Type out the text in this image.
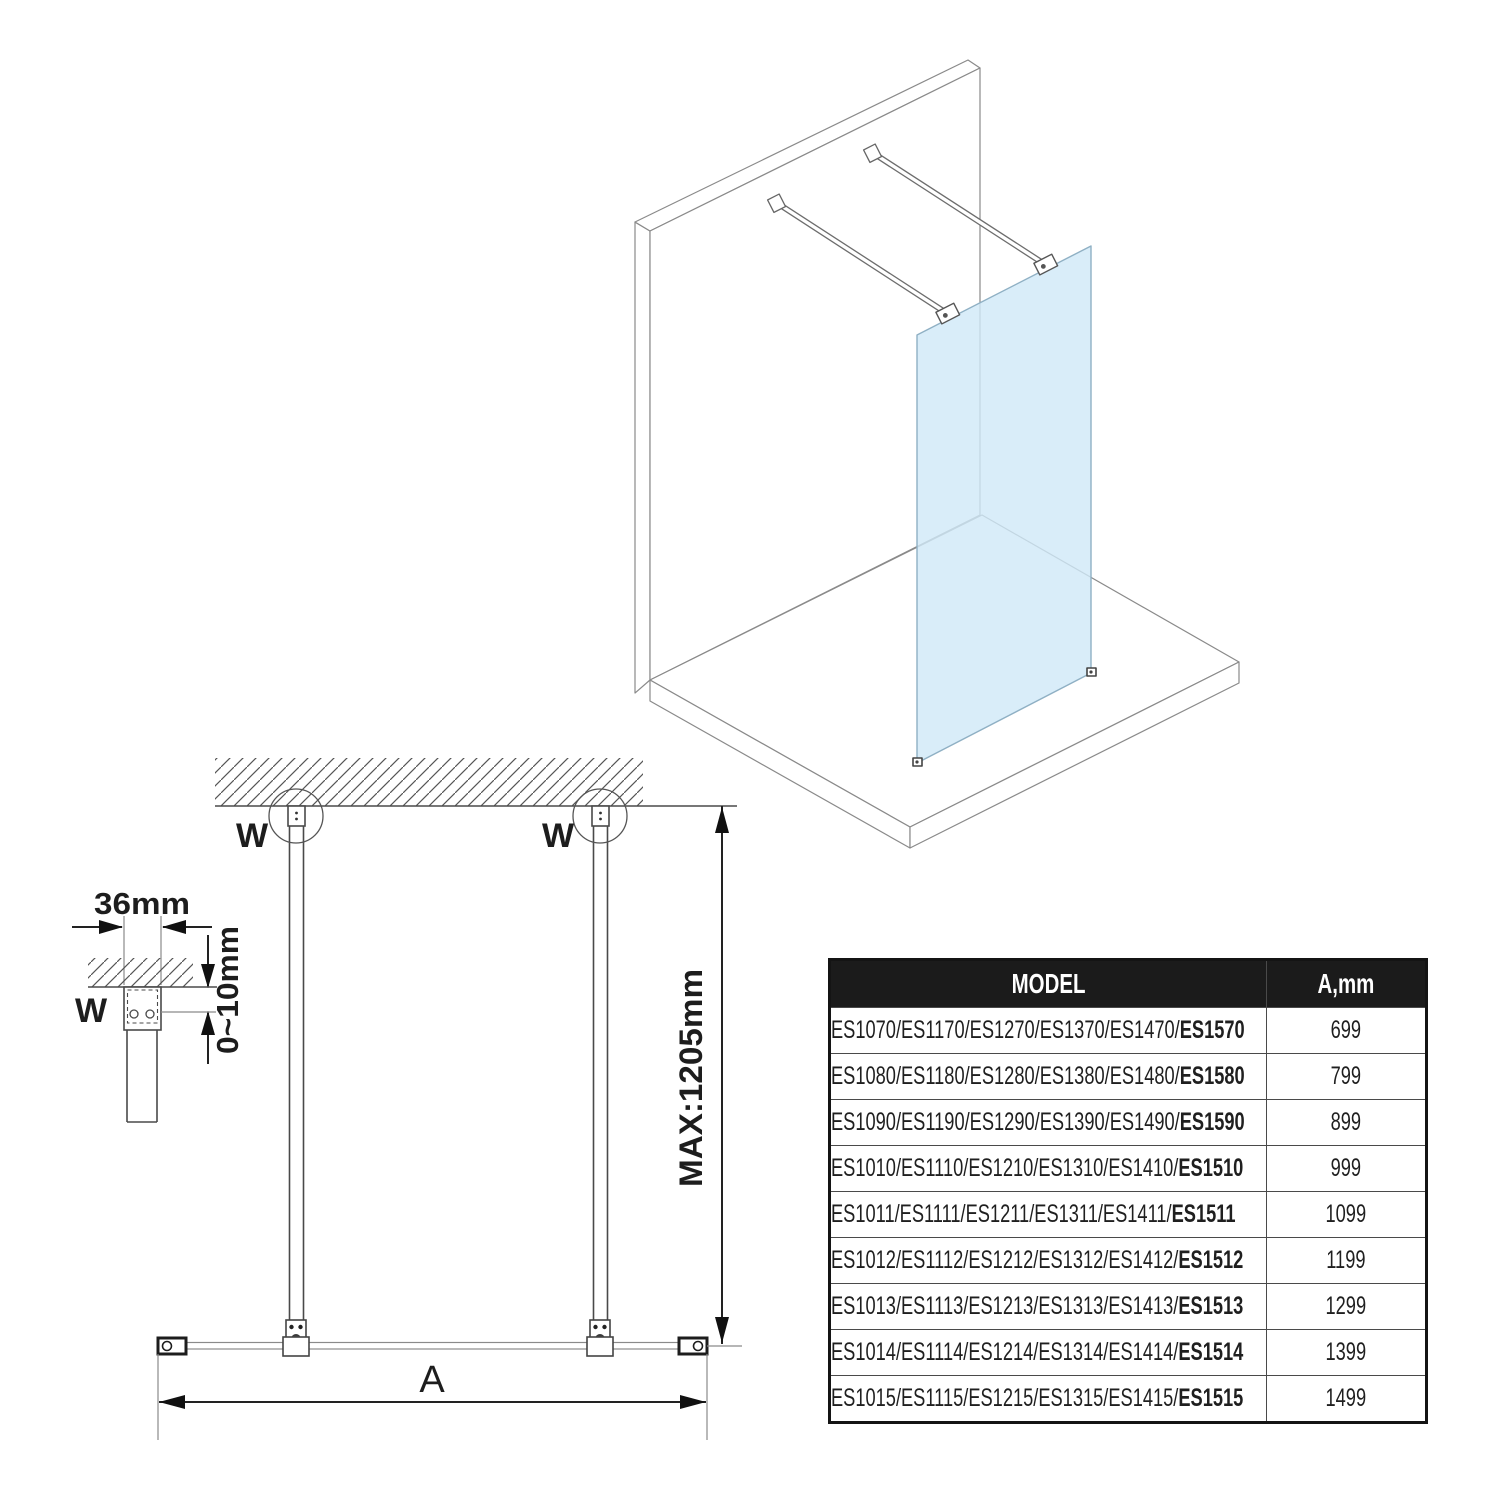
W	W
MAX:1205mm
A
36mm
W	0~10mm	MODEL	A,mm
ES1070/ES1170/ES1270/ES1370/ES1470/ES1570	699
ES1080/ES1180/ES1280/ES1380/ES1480/ES1580	799
ES1090/ES1190/ES1290/ES1390/ES1490/ES1590	899
ES1010/ES1110/ES1210/ES1310/ES1410/ES1510	999
ES1011/ES1111/ES1211/ES1311/ES1411/ES1511	1099
ES1012/ES1112/ES1212/ES1312/ES1412/ES1512	1199
ES1013/ES1113/ES1213/ES1313/ES1413/ES1513	1299
ES1014/ES1114/ES1214/ES1314/ES1414/ES1514	1399
ES1015/ES1115/ES1215/ES1315/ES1415/ES1515	1499
